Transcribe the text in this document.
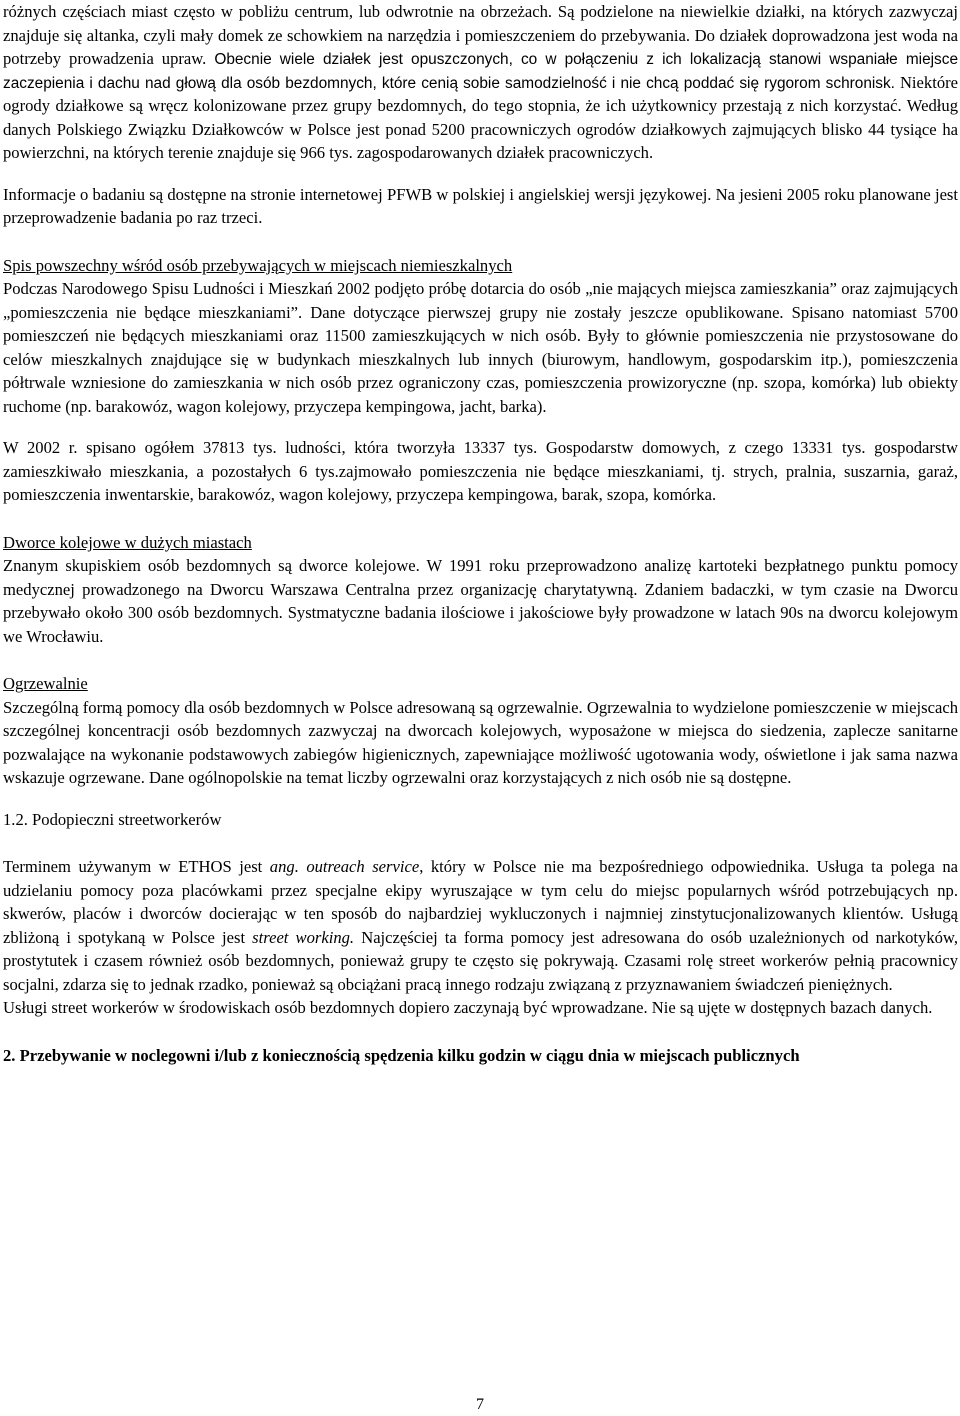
różnych częściach miast często w pobliżu centrum, lub odwrotnie na obrzeżach. Są podzielone na niewielkie działki, na których zazwyczaj znajduje się altanka, czyli mały domek ze schowkiem na narzędzia i pomieszczeniem do przebywania. Do działek doprowadzona jest woda na potrzeby prowadzenia upraw. Obecnie wiele działek jest opuszczonych, co w połączeniu z ich lokalizacją stanowi wspaniałe miejsce zaczepienia i dachu nad głową dla osób bezdomnych, które cenią sobie samodzielność i nie chcą poddać się rygorom schronisk. Niektóre ogrody działkowe są wręcz kolonizowane przez grupy bezdomnych, do tego stopnia, że ich użytkownicy przestają z nich korzystać. Według danych Polskiego Związku Działkowców w Polsce jest ponad 5200 pracowniczych ogrodów działkowych zajmujących blisko 44 tysiące ha powierzchni, na których terenie znajduje się 966 tys. zagospodarowanych działek pracowniczych.

Informacje o badaniu są dostępne na stronie internetowej PFWB w polskiej i angielskiej wersji językowej. Na jesieni 2005 roku planowane jest przeprowadzenie badania po raz trzeci.

Spis powszechny wśród osób przebywających w miejscach niemieszkalnych
Podczas Narodowego Spisu Ludności i Mieszkań 2002 podjęto próbę dotarcia do osób „nie mających miejsca zamieszkania” oraz zajmujących „pomieszczenia nie będące mieszkaniami”. Dane dotyczące pierwszej grupy nie zostały jeszcze opublikowane. Spisano natomiast 5700 pomieszczeń nie będących mieszkaniami oraz 11500 zamieszkujących w nich osób. Były to głównie pomieszczenia nie przystosowane do celów mieszkalnych znajdujące się w budynkach mieszkalnych lub innych (biurowym, handlowym, gospodarskim itp.), pomieszczenia półtrwale wzniesione do zamieszkania w nich osób przez ograniczony czas, pomieszczenia prowizoryczne (np. szopa, komórka) lub obiekty ruchome (np. barakowóz, wagon kolejowy, przyczepa kempingowa, jacht, barka).

W 2002 r. spisano ogółem 37813 tys. ludności, która tworzyła 13337 tys. Gospodarstw domowych, z czego 13331 tys. gospodarstw zamieszkiwało mieszkania, a pozostałych 6 tys.zajmowało pomieszczenia nie będące mieszkaniami, tj. strych, pralnia, suszarnia, garaż, pomieszczenia inwentarskie, barakowóz, wagon kolejowy, przyczepa kempingowa, barak, szopa, komórka.

Dworce kolejowe w dużych miastach
Znanym skupiskiem osób bezdomnych są dworce kolejowe. W 1991 roku przeprowadzono analizę kartoteki bezpłatnego punktu pomocy medycznej prowadzonego na Dworcu Warszawa Centralna przez organizację charytatywną. Zdaniem badaczki, w tym czasie na Dworcu przebywało około 300 osób bezdomnych. Systmatyczne badania ilościowe i jakościowe były prowadzone w latach 90s na dworcu kolejowym we Wrocławiu.

Ogrzewalnie
Szczególną formą pomocy dla osób bezdomnych w Polsce adresowaną są ogrzewalnie. Ogrzewalnia to wydzielone pomieszczenie w miejscach szczególnej koncentracji osób bezdomnych zazwyczaj na dworcach kolejowych, wyposażone w miejsca do siedzenia, zaplecze sanitarne pozwalające na wykonanie podstawowych zabiegów higienicznych, zapewniające możliwość ugotowania wody, oświetlone i jak sama nazwa wskazuje ogrzewane. Dane ogólnopolskie na temat liczby ogrzewalni oraz korzystających z nich osób nie są dostępne.

1.2. Podopieczni streetworkerów

Terminem używanym w ETHOS jest ang. outreach service, który w Polsce nie ma bezpośredniego odpowiednika. Usługa ta polega na udzielaniu pomocy poza placówkami przez specjalne ekipy wyruszające w tym celu do miejsc popularnych wśród potrzebujących np. skwerów, placów i dworców docierając w ten sposób do najbardziej wykluczonych i najmniej zinstytucjonalizowanych klientów. Usługą zbliżoną i spotykaną w Polsce jest street working. Najczęściej ta forma pomocy jest adresowana do osób uzależnionych od narkotyków, prostytutek i czasem również osób bezdomnych, ponieważ grupy te często się pokrywają. Czasami rolę street workerów pełnią pracownicy socjalni, zdarza się to jednak rzadko, ponieważ są obciążani pracą innego rodzaju związaną z przyznawaniem świadczeń pieniężnych.
Usługi street workerów w środowiskach osób bezdomnych dopiero zaczynają być wprowadzane. Nie są ujęte w dostępnych bazach danych.

2. Przebywanie w noclegowni i/lub z koniecznością spędzenia kilku godzin w ciągu dnia w miejscach publicznych

7
